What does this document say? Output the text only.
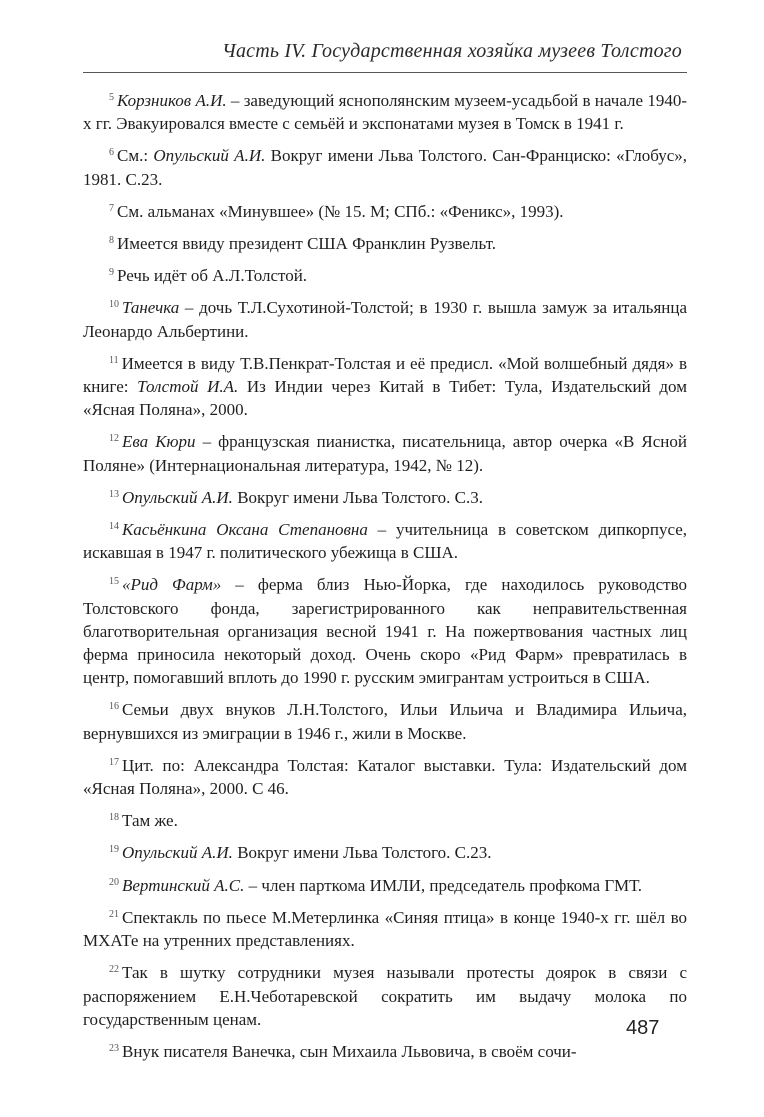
Часть IV. Государственная хозяйка музеев Толстого

$^5$ Корзников А.И. – заведующий яснополянским музеем-усадьбой в начале 1940-х гг. Эвакуировался вместе с семьёй и экспонатами музея в Томск в 1941 г.

$^6$ См.: Опульский А.И. Вокруг имени Льва Толстого. Сан-Франциско: «Глобус», 1981. С.23.

$^7$ См. альманах «Минувшее» (№ 15. М; СПб.: «Феникс», 1993).

$^8$ Имеется ввиду президент США Франклин Рузвельт.

$^9$ Речь идёт об А.Л.Толстой.

$^{10}$ Танечка – дочь Т.Л.Сухотиной-Толстой; в 1930 г. вышла замуж за итальянца Леонардо Альбертини.

$^{11}$ Имеется в виду Т.В.Пенкрат-Толстая и её предисл. «Мой волшебный дядя» в книге: Толстой И.А. Из Индии через Китай в Тибет: Тула, Издательский дом «Ясная Поляна», 2000.

$^{12}$ Ева Кюри – французская пианистка, писательница, автор очерка «В Ясной Поляне» (Интернациональная литература, 1942, № 12).

$^{13}$ Опульский А.И. Вокруг имени Льва Толстого. С.3.

$^{14}$ Касьёнкина Оксана Степановна – учительница в советском дипкорпусе, искавшая в 1947 г. политического убежища в США.

$^{15}$ «Рид Фарм» – ферма близ Нью-Йорка, где находилось руководство Толстовского фонда, зарегистрированного как неправительственная благотворительная организация весной 1941 г. На пожертвования частных лиц ферма приносила некоторый доход. Очень скоро «Рид Фарм» превратилась в центр, помогавший вплоть до 1990 г. русским эмигрантам устроиться в США.

$^{16}$ Семьи двух внуков Л.Н.Толстого, Ильи Ильича и Владимира Ильича, вернувшихся из эмиграции в 1946 г., жили в Москве.

$^{17}$ Цит. по: Александра Толстая: Каталог выставки. Тула: Издательский дом «Ясная Поляна», 2000. С 46.

$^{18}$ Там же.

$^{19}$ Опульский А.И. Вокруг имени Льва Толстого. С.23.

$^{20}$ Вертинский А.С. – член парткома ИМЛИ, председатель профкома ГМТ.

$^{21}$ Спектакль по пьесе М.Метерлинка «Синяя птица» в конце 1940-х гг. шёл во МХАТе на утренних представлениях.

$^{22}$ Так в шутку сотрудники музея называли протесты доярок в связи с распоряжением Е.Н.Чеботаревской сократить им выдачу молока по государственным ценам.

$^{23}$ Внук писателя Ванечка, сын Михаила Львовича, в своём сочи-

487
